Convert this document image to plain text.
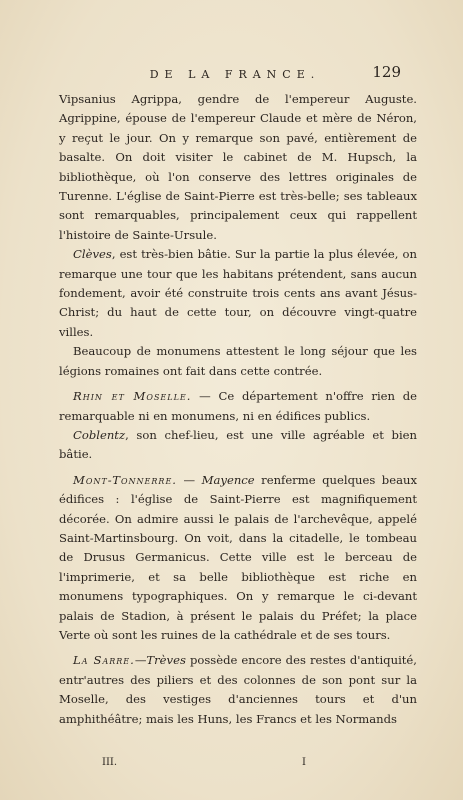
DE LA FRANCE.	129

Vipsanius Agrippa, gendre de l'empereur Auguste. Agrippine, épouse de l'empereur Claude et mère de Néron, y reçut le jour. On y remarque son pavé, entièrement de basalte. On doit visiter le cabinet de M. Hupsch, la bibliothèque, où l'on conserve des lettres originales de Turenne. L'église de Saint-Pierre est très-belle; ses tableaux sont remarquables, principalement ceux qui rappellent l'histoire de Sainte-Ursule.

Clèves, est très-bien bâtie. Sur la partie la plus élevée, on remarque une tour que les habitans prétendent, sans aucun fondement, avoir été construite trois cents ans avant Jésus-Christ; du haut de cette tour, on découvre vingt-quatre villes.

Beaucoup de monumens attestent le long séjour que les légions romaines ont fait dans cette contrée.

Rhin et Moselle. — Ce département n'offre rien de remarquable ni en monumens, ni en édifices publics.

Coblentz, son chef-lieu, est une ville agréable et bien bâtie.

Mont-Tonnerre. — Mayence renferme quelques beaux édifices : l'église de Saint-Pierre est magnifiquement décorée. On admire aussi le palais de l'archevêque, appelé Saint-Martinsbourg. On voit, dans la citadelle, le tombeau de Drusus Germanicus. Cette ville est le berceau de l'imprimerie, et sa belle bibliothèque est riche en monumens typographiques. On y remarque le ci-devant palais de Stadion, à présent le palais du Préfet; la place Verte où sont les ruines de la cathédrale et de ses tours.

La Sarre.—Trèves possède encore des restes d'antiquité, entr'autres des piliers et des colonnes de son pont sur la Moselle, des vestiges d'anciennes tours et d'un amphithéâtre; mais les Huns, les Francs et les Normands

III.	I
